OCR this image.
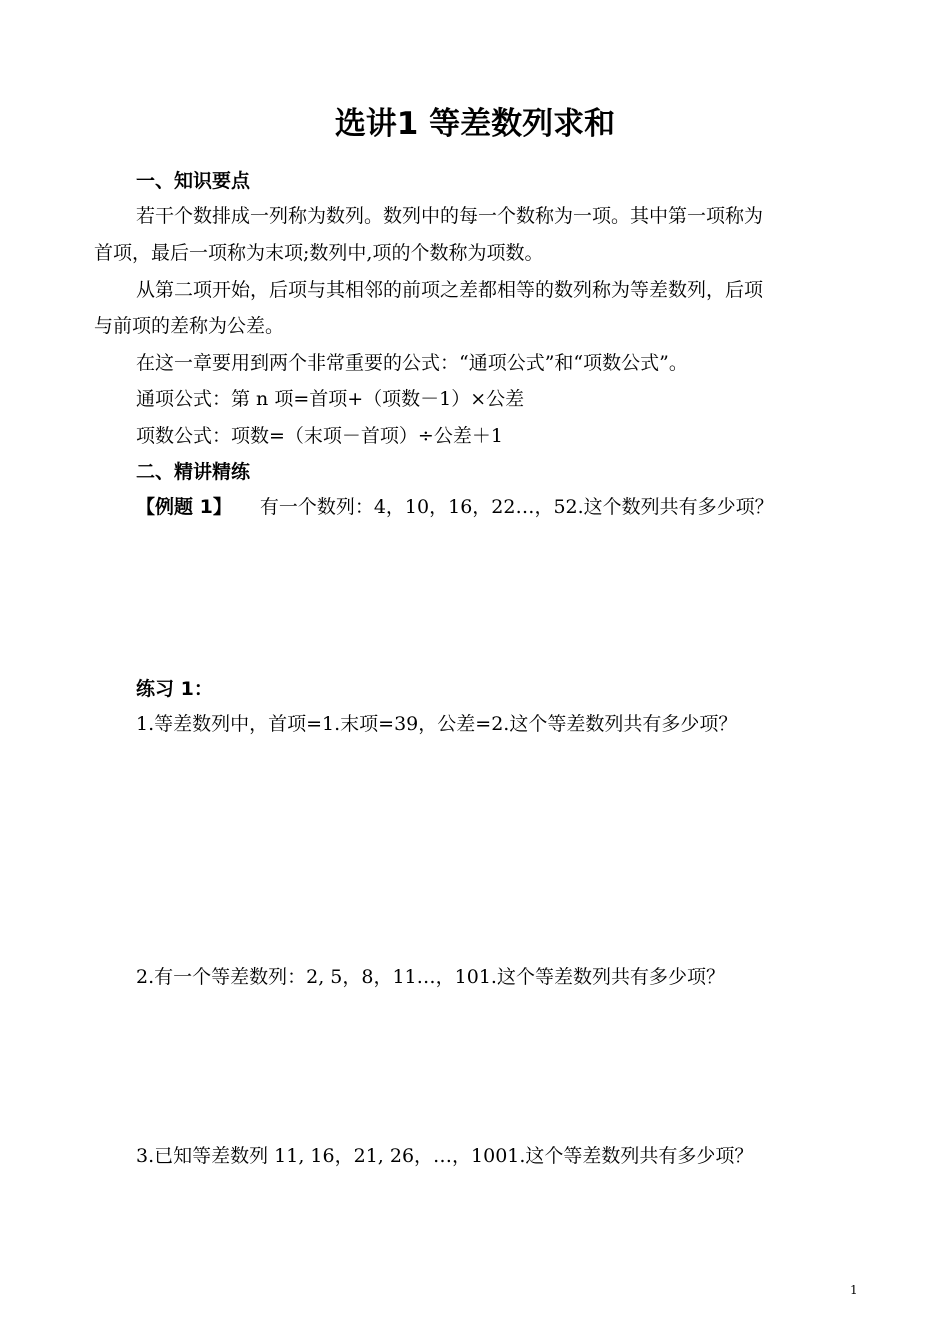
选讲1 等差数列求和
一、知识要点
若干个数排成一列称为数列。数列中的每一个数称为一项。其中第一项称为
首项，最后一项称为末项;数列中,项的个数称为项数。
从第二项开始，后项与其相邻的前项之差都相等的数列称为等差数列，后项
与前项的差称为公差。
在这一章要用到两个非常重要的公式：“通项公式”和“项数公式”。
通项公式：第 n 项=首项+（项数－1）×公差
项数公式：项数=（末项－首项）÷公差＋1
二、精讲精练
【例题 1】 有一个数列：4，10，16，22…，52.这个数列共有多少项？
练习 1：
1.等差数列中，首项=1.末项=39，公差=2.这个等差数列共有多少项？
2.有一个等差数列：2, 5，8，11…，101.这个等差数列共有多少项？
3.已知等差数列 11, 16，21, 26，…，1001.这个等差数列共有多少项？
1
